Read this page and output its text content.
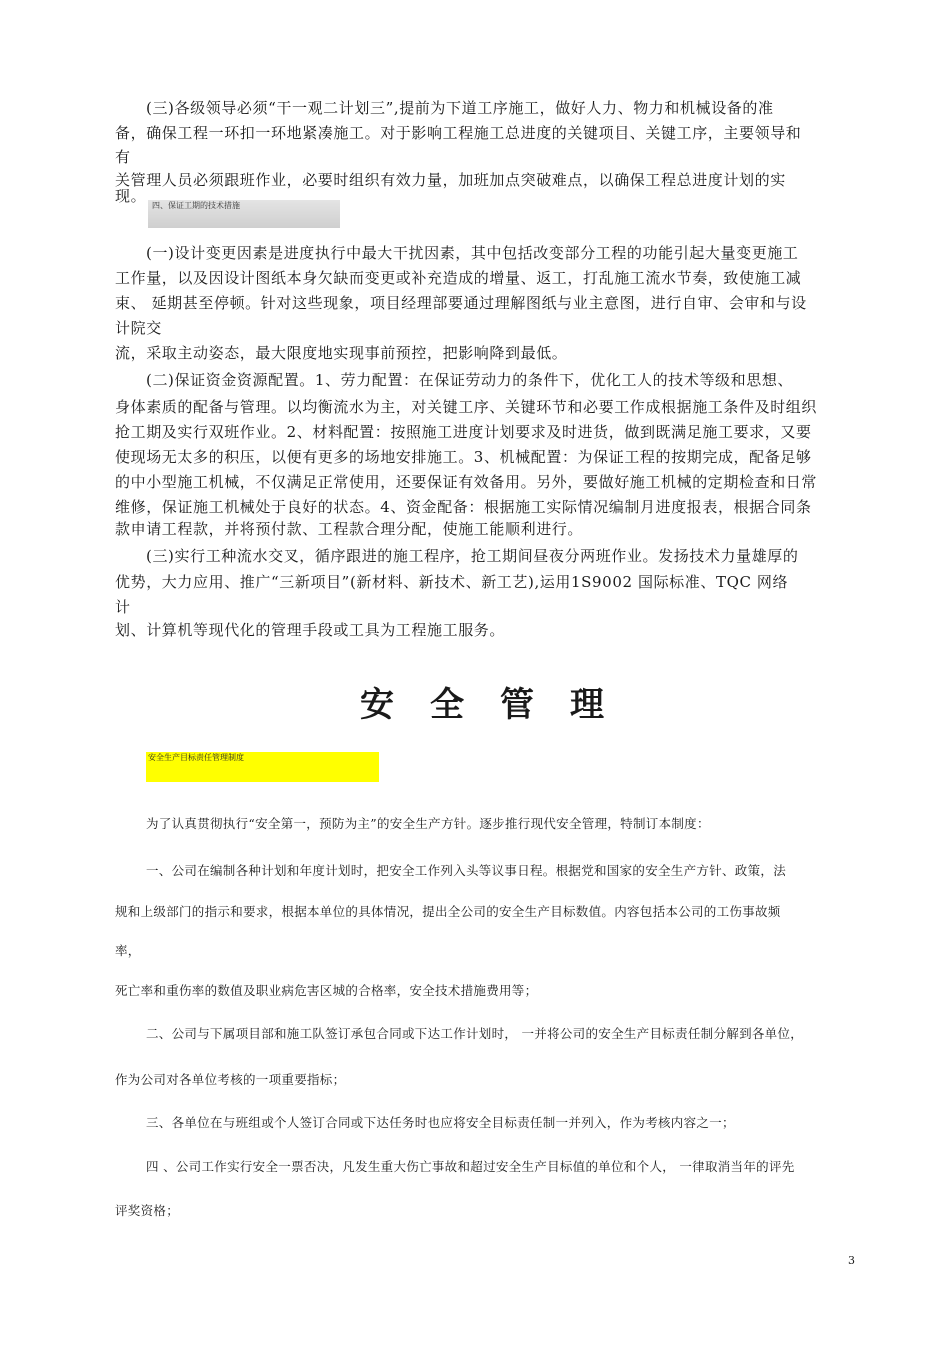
(三)各级领导必须“干一观二计划三”,提前为下道工序施工，做好人力、物力和机械设备的准
备，确保工程一环扣一环地紧凑施工。对于影响工程施工总进度的关键项目、关键工序，主要领导和
有
关管理人员必须跟班作业，必要时组织有效力量，加班加点突破难点，以确保工程总进度计划的实
现。
四、保证工期的技术措施
(一)设计变更因素是进度执行中最大干扰因素，其中包括改变部分工程的功能引起大量变更施工
工作量，以及因设计图纸本身欠缺而变更或补充造成的增量、返工，打乱施工流水节奏，致使施工减
束、 延期甚至停顿。针对这些现象，项目经理部要通过理解图纸与业主意图，进行自审、会审和与设
计院交
流，采取主动姿态，最大限度地实现事前预控，把影响降到最低。
(二)保证资金资源配置。1、劳力配置：在保证劳动力的条件下，优化工人的技术等级和思想、
身体素质的配备与管理。以均衡流水为主，对关键工序、关键环节和必要工作成根据施工条件及时组织
抢工期及实行双班作业。2、材料配置：按照施工进度计划要求及时进货，做到既满足施工要求，又要
使现场无太多的积压，以便有更多的场地安排施工。3、机械配置：为保证工程的按期完成，配备足够
的中小型施工机械，不仅满足正常使用，还要保证有效备用。另外，要做好施工机械的定期检查和日常
维修，保证施工机械处于良好的状态。4、资金配备：根据施工实际情况编制月进度报表，根据合同条
款申请工程款，并将预付款、工程款合理分配，使施工能顺利进行。
(三)实行工种流水交叉，循序跟进的施工程序，抢工期间昼夜分两班作业。发扬技术力量雄厚的
优势，大力应用、推广“三新项目”(新材料、新技术、新工艺),运用1S9002 国际标准、TQC 网络
计
划、计算机等现代化的管理手段或工具为工程施工服务。
安全管理
安全生产目标责任管理制度
为了认真贯彻执行“安全第一，预防为主”的安全生产方针。逐步推行现代安全管理，特制订本制度：
一、公司在编制各种计划和年度计划时，把安全工作列入头等议事日程。根据党和国家的安全生产方针、政策，法
规和上级部门的指示和要求，根据本单位的具体情况，提出全公司的安全生产目标数值。内容包括本公司的工伤事故频
率，
死亡率和重伤率的数值及职业病危害区城的合格率，安全技术措施费用等；
二、公司与下属项目部和施工队签订承包合同或下达工作计划时， 一并将公司的安全生产目标责任制分解到各单位，
作为公司对各单位考核的一项重要指标；
三、各单位在与班组或个人签订合同或下达任务时也应将安全目标责任制一并列入，作为考核内容之一；
四 、公司工作实行安全一票否决，凡发生重大伤亡事故和超过安全生产目标值的单位和个人， 一律取消当年的评先
评奖资格；
3
